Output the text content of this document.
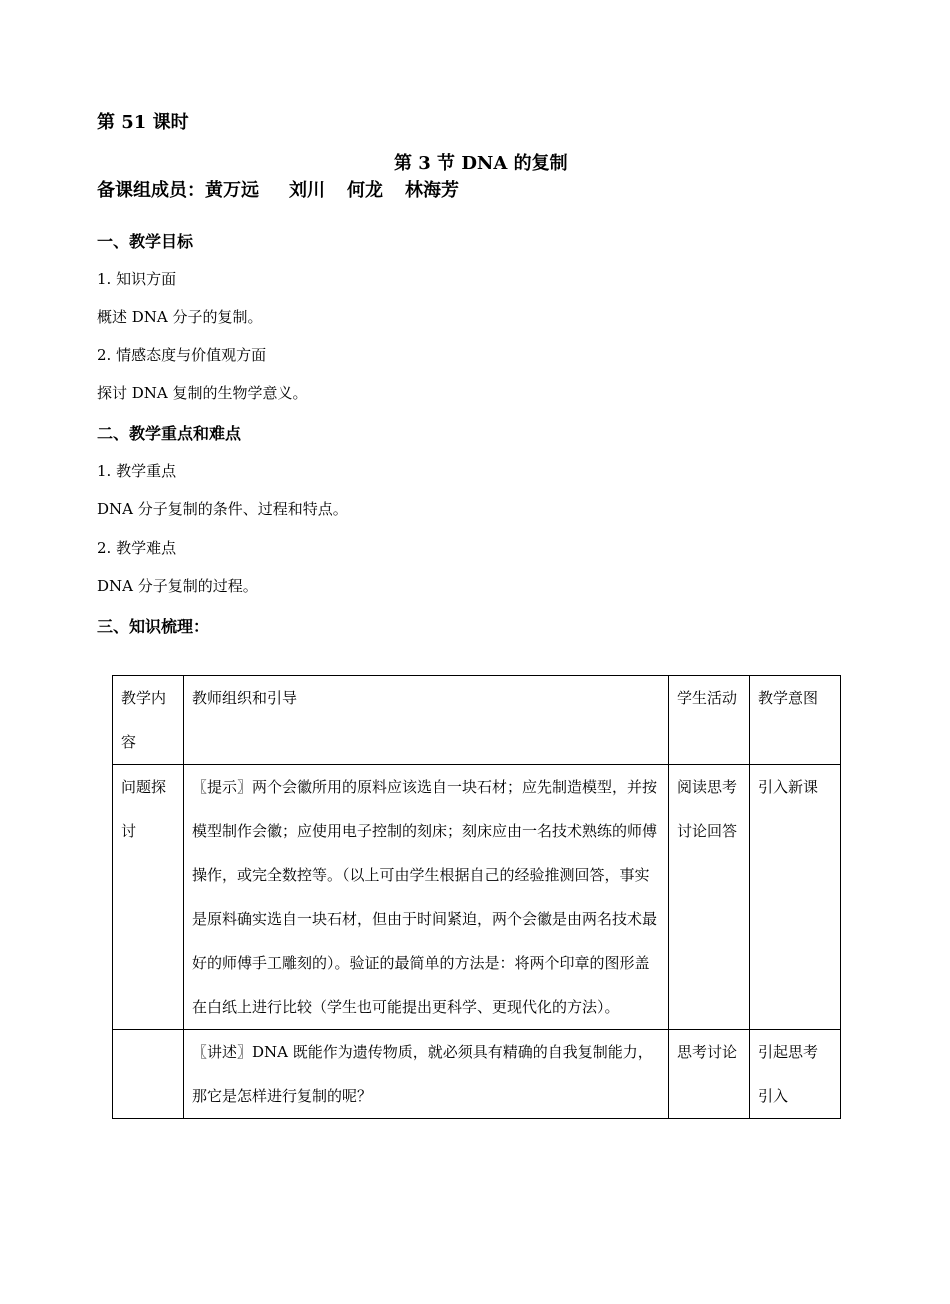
第 51 课时
第 3 节 DNA 的复制
备课组成员：黄万远 刘川 何龙 林海芳
一、教学目标
1. 知识方面
概述 DNA 分子的复制。
2. 情感态度与价值观方面
探讨 DNA 复制的生物学意义。
二、教学重点和难点
1. 教学重点
DNA 分子复制的条件、过程和特点。
2. 教学难点
DNA 分子复制的过程。
三、知识梳理：
教学内容	教师组织和引导	学生活动	教学意图
问题探讨	〖提示〗两个会徽所用的原料应该选自一块石材；应先制造模型，并按模型制作会徽；应使用电子控制的刻床；刻床应由一名技术熟练的师傅操作，或完全数控等。（以上可由学生根据自己的经验推测回答，事实是原料确实选自一块石材，但由于时间紧迫，两个会徽是由两名技术最好的师傅手工雕刻的）。验证的最简单的方法是：将两个印章的图形盖在白纸上进行比较（学生也可能提出更科学、更现代化的方法）。	阅读思考讨论回答	引入新课
	〖讲述〗DNA 既能作为遗传物质，就必须具有精确的自我复制能力，那它是怎样进行复制的呢？	思考讨论	引起思考引入
